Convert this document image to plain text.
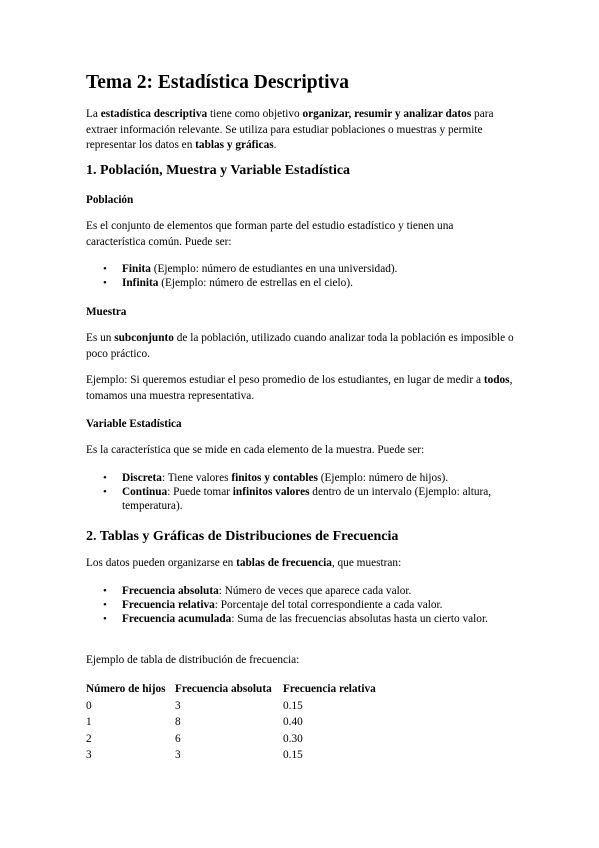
Tema 2: Estadística Descriptiva

La estadística descriptiva tiene como objetivo organizar, resumir y analizar datos para extraer información relevante. Se utiliza para estudiar poblaciones o muestras y permite representar los datos en tablas y gráficas.

1. Población, Muestra y Variable Estadística
Población

Es el conjunto de elementos que forman parte del estudio estadístico y tienen una característica común. Puede ser:

• Finita (Ejemplo: número de estudiantes en una universidad).
• Infinita (Ejemplo: número de estrellas en el cielo).
Muestra

Es un subconjunto de la población, utilizado cuando analizar toda la población es imposible o poco práctico.

Ejemplo: Si queremos estudiar el peso promedio de los estudiantes, en lugar de medir a todos, tomamos una muestra representativa.

Variable Estadística

Es la característica que se mide en cada elemento de la muestra. Puede ser:

• Discreta: Tiene valores finitos y contables (Ejemplo: número de hijos).
• Continua: Puede tomar infinitos valores dentro de un intervalo (Ejemplo: altura, temperatura).
2. Tablas y Gráficas de Distribuciones de Frecuencia

Los datos pueden organizarse en tablas de frecuencia, que muestran:

• Frecuencia absoluta: Número de veces que aparece cada valor.
• Frecuencia relativa: Porcentaje del total correspondiente a cada valor.
• Frecuencia acumulada: Suma de las frecuencias absolutas hasta un cierto valor.

Ejemplo de tabla de distribución de frecuencia:

Número de hijos	Frecuencia absoluta	Frecuencia relativa
0	3	0.15
1	8	0.40
2	6	0.30
3	3	0.15
